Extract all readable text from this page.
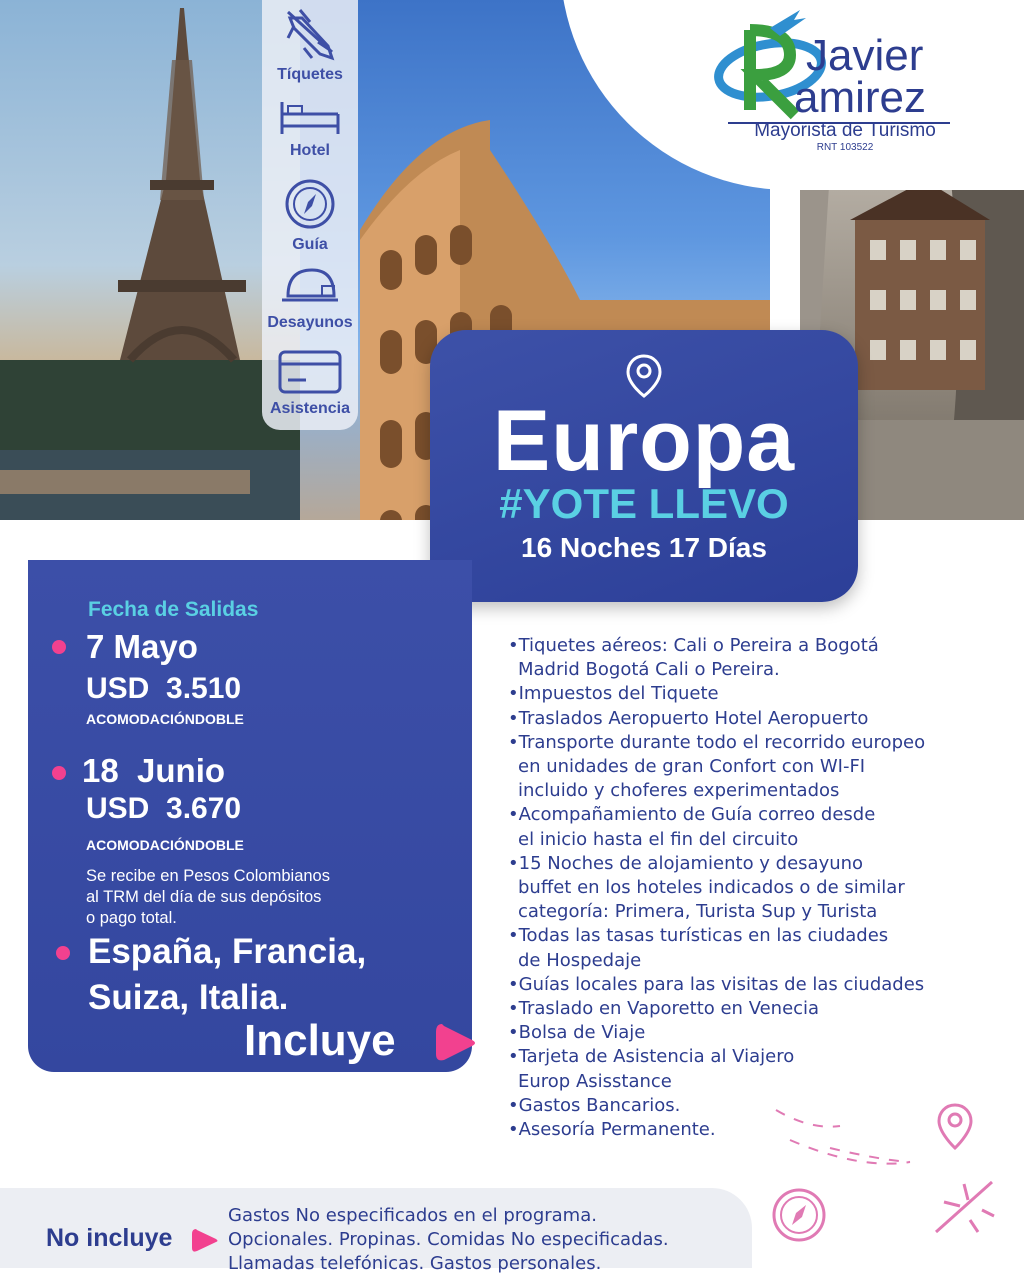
Javier
amirez
Mayorista de Turismo
RNT 103522
Tíquetes
Hotel
Guía
Desayunos
Asistencia	Europa
#YOTE LLEVO
16 Noches 17 Días
Fecha de Salidas
7 Mayo
USD  3.510
ACOMODACIÓNDOBLE
18  Junio
USD  3.670
ACOMODACIÓNDOBLE
Se recibe en Pesos Colombianos
al TRM del día de sus depósitos
o pago total.
España, Francia,
Suiza, Italia.
Incluye
•Tiquetes aéreos: Cali o Pereira a Bogotá
Madrid Bogotá Cali o Pereira.
•Impuestos del Tiquete
•Traslados Aeropuerto Hotel Aeropuerto
•Transporte durante todo el recorrido europeo
en unidades de gran Confort con WI-FI
incluido y choferes experimentados
•Acompañamiento de Guía correo desde
el inicio hasta el fin del circuito
•15 Noches de alojamiento y desayuno
buffet en los hoteles indicados o de similar
categoría: Primera, Turista Sup y Turista
•Todas las tasas turísticas en las ciudades
de Hospedaje
•Guías locales para las visitas de las ciudades
•Traslado en Vaporetto en Venecia
•Bolsa de Viaje
•Tarjeta de Asistencia al Viajero
Europ Asisstance
•Gastos Bancarios.
•Asesoría Permanente.
No incluye
Gastos No especificados en el programa.
Opcionales. Propinas. Comidas No especificadas.
Llamadas telefónicas. Gastos personales.
